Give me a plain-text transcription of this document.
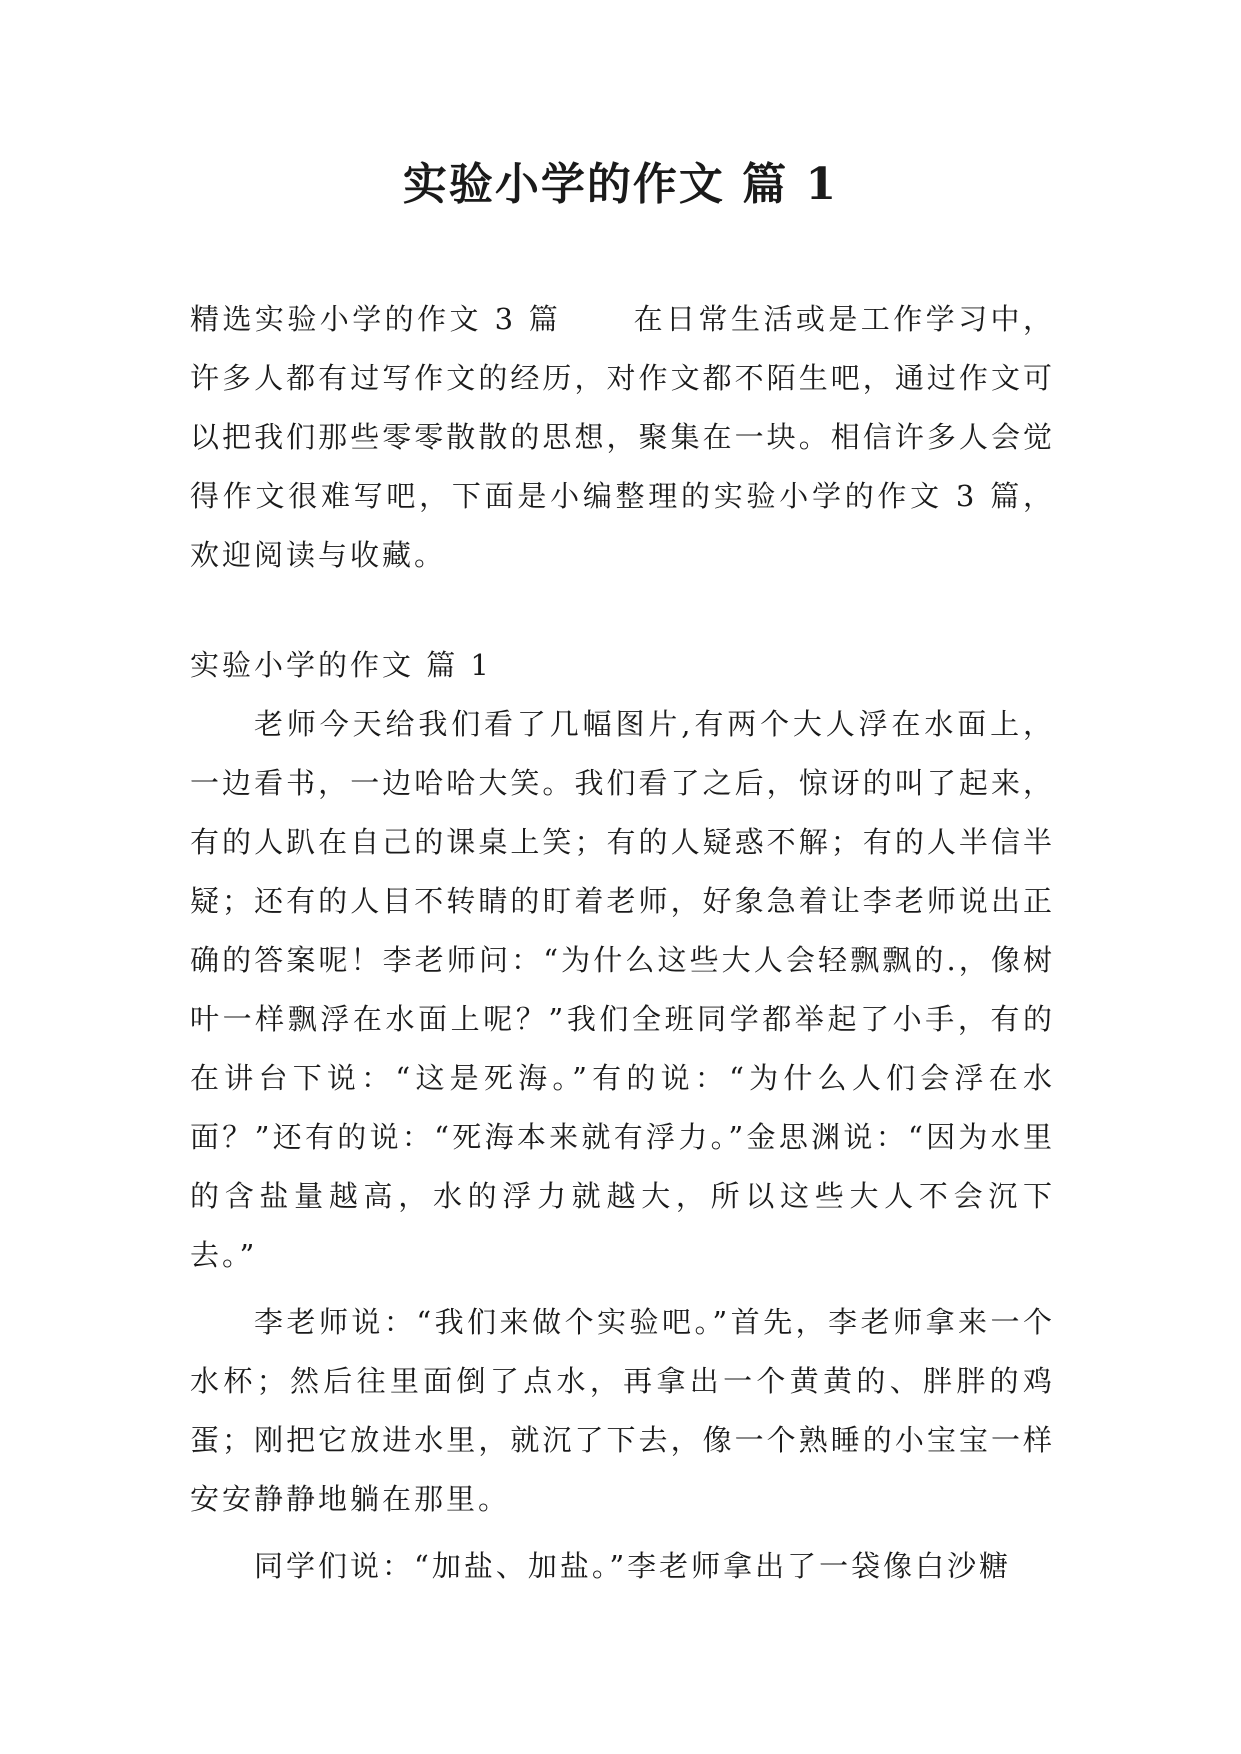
实验小学的作文 篇 1
精选实验小学的作文 3 篇 在日常生活或是工作学习中，许多人都有过写作文的经历，对作文都不陌生吧，通过作文可以把我们那些零零散散的思想，聚集在一块。相信许多人会觉得作文很难写吧，下面是小编整理的实验小学的作文 3 篇，欢迎阅读与收藏。
实验小学的作文 篇 1

老师今天给我们看了几幅图片,有两个大人浮在水面上，一边看书，一边哈哈大笑。我们看了之后，惊讶的叫了起来，有的人趴在自己的课桌上笑；有的人疑惑不解；有的人半信半疑；还有的人目不转睛的盯着老师，好象急着让李老师说出正确的答案呢！李老师问：“为什么这些大人会轻飘飘的.，像树叶一样飘浮在水面上呢？”我们全班同学都举起了小手，有的在讲台下说：“这是死海。”有的说：“为什么人们会浮在水面？”还有的说：“死海本来就有浮力。”金思渊说：“因为水里的含盐量越高，水的浮力就越大，所以这些大人不会沉下去。”

李老师说：“我们来做个实验吧。”首先，李老师拿来一个水杯；然后往里面倒了点水，再拿出一个黄黄的、胖胖的鸡蛋；刚把它放进水里，就沉了下去，像一个熟睡的小宝宝一样安安静静地躺在那里。

同学们说：“加盐、加盐。”李老师拿出了一袋像白沙糖
